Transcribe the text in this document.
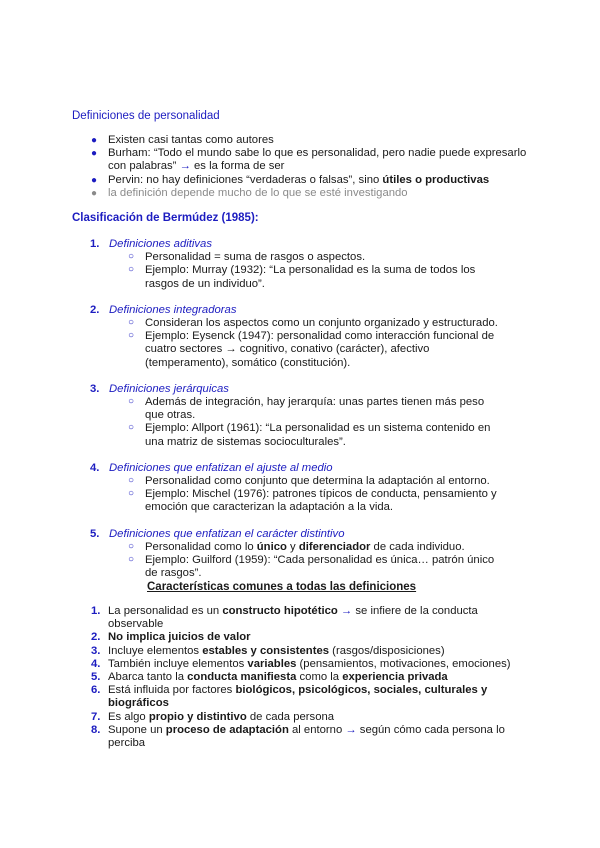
Definiciones de personalidad
● Existen casi tantas como autores
● Burham: “Todo el mundo sabe lo que es personalidad, pero nadie puede expresarlo con palabras” → es la forma de ser
● Pervin: no hay definiciones “verdaderas o falsas”, sino útiles o productivas
● la definición depende mucho de lo que se esté investigando
Clasificación de Bermúdez (1985):
1. Definiciones aditivas
○ Personalidad = suma de rasgos o aspectos.
○ Ejemplo: Murray (1932): “La personalidad es la suma de todos los rasgos de un individuo”.
2. Definiciones integradoras
○ Consideran los aspectos como un conjunto organizado y estructurado.
○ Ejemplo: Eysenck (1947): personalidad como interacción funcional de cuatro sectores → cognitivo, conativo (carácter), afectivo (temperamento), somático (constitución).
3. Definiciones jerárquicas
○ Además de integración, hay jerarquía: unas partes tienen más peso que otras.
○ Ejemplo: Allport (1961): “La personalidad es un sistema contenido en una matriz de sistemas socioculturales”.
4. Definiciones que enfatizan el ajuste al medio
○ Personalidad como conjunto que determina la adaptación al entorno.
○ Ejemplo: Mischel (1976): patrones típicos de conducta, pensamiento y emoción que caracterizan la adaptación a la vida.
5. Definiciones que enfatizan el carácter distintivo
○ Personalidad como lo único y diferenciador de cada individuo.
○ Ejemplo: Guilford (1959): “Cada personalidad es única… patrón único de rasgos”.
Características comunes a todas las definiciones
1. La personalidad es un constructo hipotético → se infiere de la conducta observable
2. No implica juicios de valor
3. Incluye elementos estables y consistentes (rasgos/disposiciones)
4. También incluye elementos variables (pensamientos, motivaciones, emociones)
5. Abarca tanto la conducta manifiesta como la experiencia privada
6. Está influida por factores biológicos, psicológicos, sociales, culturales y biográficos
7. Es algo propio y distintivo de cada persona
8. Supone un proceso de adaptación al entorno → según cómo cada persona lo perciba
